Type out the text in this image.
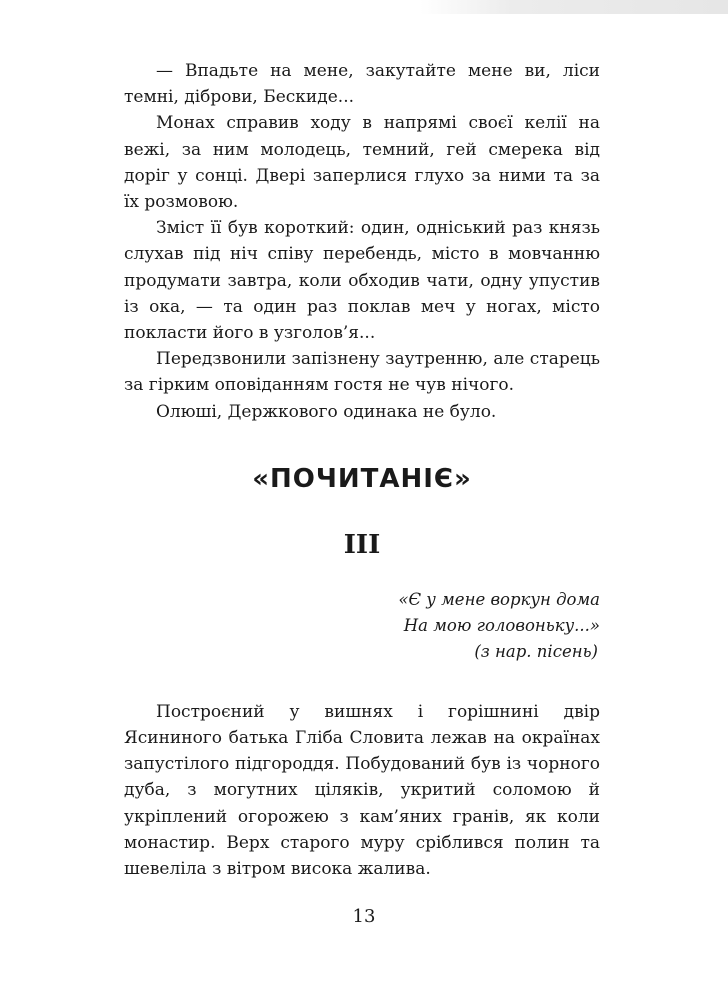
— Впадьте на мене, закутайте мене ви, ліси темні, діброви, Бескиде...

Монах справив ходу в напрямі своєї келії на вежі, за ним молодець, темний, гей смерека від доріг у сонці. Двері заперлися глухо за ними та за їх розмовою.

Зміст її був короткий: один, одніський раз князь слухав під ніч співу перебендь, місто в мовчанню продумати завтра, коли обходив чати, одну упустив із ока, — та один раз поклав меч у ногах, місто покласти його в узголов’я...

Передзвонили запізнену заутренню, але старець за гірким оповіданням гостя не чув нічого.

Олюші, Держкового одинака не було.

«ПОЧИТАНІЄ»
III
«Є у мене воркун дома
На мою головоньку...»
(з нар. пісень)

Построєний у вишнях і горішнині двір Ясининого батька Гліба Словита лежав на окраїнах запустілого підгороддя. Побудований був із чорного дуба, з могутних ціляків, укритий соломою й укріплений огорожею з кам’яних гранів, як коли монастир. Верх старого муру сріблився полин та шевеліла з вітром висока жалива.

13
